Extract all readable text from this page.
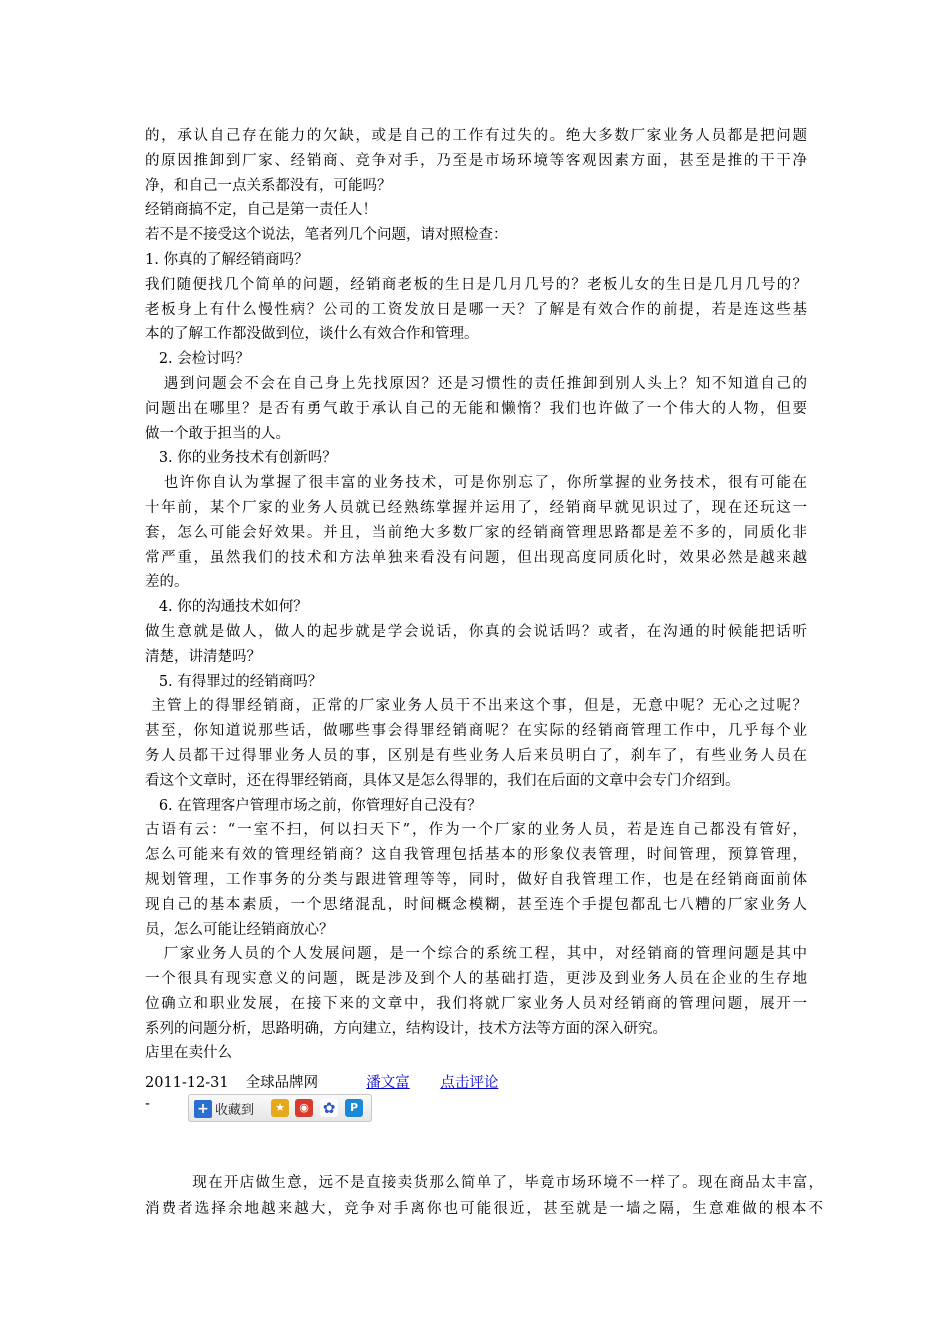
的，承认自己存在能力的欠缺，或是自己的工作有过失的。绝大多数厂家业务人员都是把问题
的原因推卸到厂家、经销商、竞争对手，乃至是市场环境等客观因素方面，甚至是推的干干净
净，和自己一点关系都没有，可能吗？
经销商搞不定，自己是第一责任人！
若不是不接受这个说法，笔者列几个问题，请对照检查：
1. 你真的了解经销商吗？
我们随便找几个简单的问题，经销商老板的生日是几月几号的？老板儿女的生日是几月几号的？
老板身上有什么慢性病？公司的工资发放日是哪一天？了解是有效合作的前提，若是连这些基
本的了解工作都没做到位，谈什么有效合作和管理。
2. 会检讨吗？
遇到问题会不会在自己身上先找原因？还是习惯性的责任推卸到别人头上？知不知道自己的
问题出在哪里？是否有勇气敢于承认自己的无能和懒惰？我们也许做了一个伟大的人物，但要
做一个敢于担当的人。
3. 你的业务技术有创新吗？
也许你自认为掌握了很丰富的业务技术，可是你别忘了，你所掌握的业务技术，很有可能在
十年前，某个厂家的业务人员就已经熟练掌握并运用了，经销商早就见识过了，现在还玩这一
套，怎么可能会好效果。并且，当前绝大多数厂家的经销商管理思路都是差不多的，同质化非
常严重，虽然我们的技术和方法单独来看没有问题，但出现高度同质化时，效果必然是越来越
差的。
4. 你的沟通技术如何？
做生意就是做人，做人的起步就是学会说话，你真的会说话吗？或者，在沟通的时候能把话听
清楚，讲清楚吗？
5. 有得罪过的经销商吗？
主管上的得罪经销商，正常的厂家业务人员干不出来这个事，但是，无意中呢？无心之过呢？
甚至，你知道说那些话，做哪些事会得罪经销商呢？在实际的经销商管理工作中，几乎每个业
务人员都干过得罪业务人员的事，区别是有些业务人后来员明白了，刹车了，有些业务人员在
看这个文章时，还在得罪经销商，具体又是怎么得罪的，我们在后面的文章中会专门介绍到。
6. 在管理客户管理市场之前，你管理好自己没有？
古语有云：“一室不扫，何以扫天下”，作为一个厂家的业务人员，若是连自己都没有管好，
怎么可能来有效的管理经销商？这自我管理包括基本的形象仪表管理，时间管理，预算管理，
规划管理，工作事务的分类与跟进管理等等，同时，做好自我管理工作，也是在经销商面前体
现自己的基本素质，一个思绪混乱，时间概念模糊，甚至连个手提包都乱七八糟的厂家业务人
员，怎么可能让经销商放心？
厂家业务人员的个人发展问题，是一个综合的系统工程，其中，对经销商的管理问题是其中
一个很具有现实意义的问题，既是涉及到个人的基础打造，更涉及到业务人员在企业的生存地
位确立和职业发展，在接下来的文章中，我们将就厂家业务人员对经销商的管理问题，展开一
系列的问题分析，思路明确，方向建立，结构设计，技术方法等方面的深入研究。
店里在卖什么
2011-12-31 全球品牌网	潘文富 点击评论
-	+ 收藏到	★	◉ ✿	P
现在开店做生意，远不是直接卖货那么简单了，毕竟市场环境不一样了。现在商品太丰富，
消费者选择余地越来越大，竞争对手离你也可能很近，甚至就是一墙之隔，生意难做的根本不
